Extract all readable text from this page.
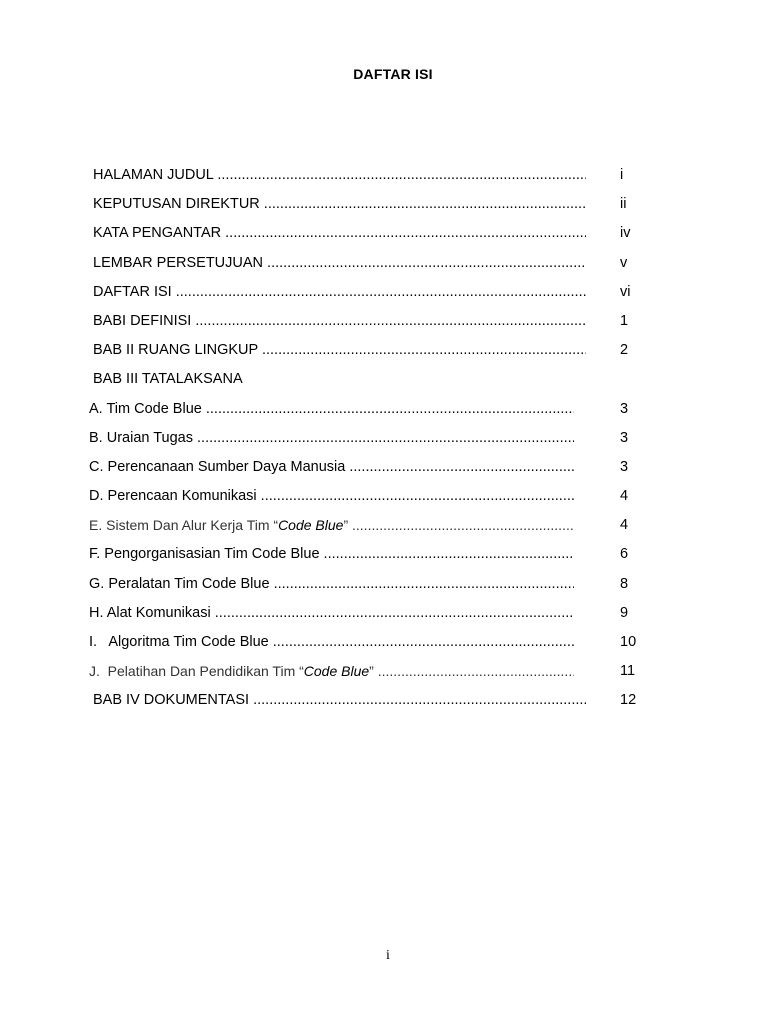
DAFTAR ISI
HALAMAN JUDUL .....	i
KEPUTUSAN DIREKTUR .....	ii
KATA PENGANTAR .....	iv
LEMBAR PERSETUJUAN .....	v
DAFTAR ISI .....	vi
BABI DEFINISI .....	1
BAB II RUANG LINGKUP .....	2
BAB III TATALAKSANA
A. Tim Code Blue .....	3
B. Uraian Tugas .....	3
C. Perencanaan Sumber Daya Manusia .....	3
D. Perencaan Komunikasi .....	4
E. Sistem Dan Alur Kerja Tim “Code Blue” .....	4
F. Pengorganisasian Tim Code Blue .....	6
G. Peralatan Tim Code Blue .....	8
H. Alat Komunikasi .....	9
I.   Algoritma Tim Code Blue .....	10
J.  Pelatihan Dan Pendidikan Tim “Code Blue” .....	11
BAB IV DOKUMENTASI .....	12
i
